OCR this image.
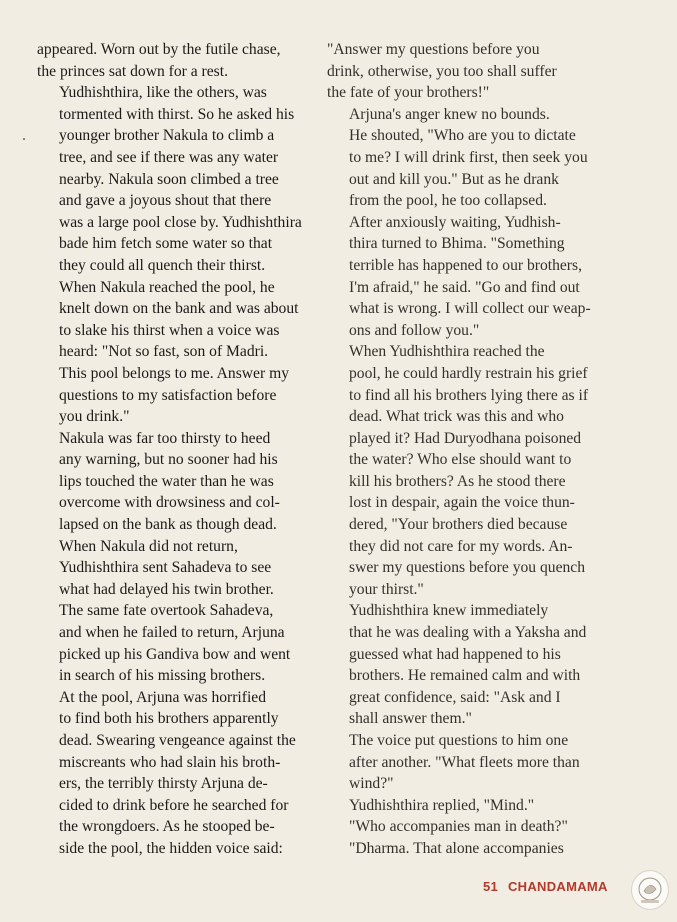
appeared. Worn out by the futile chase,
the princes sat down for a rest.

Yudhishthira, like the others, was
tormented with thirst. So he asked his
younger brother Nakula to climb a
tree, and see if there was any water
nearby. Nakula soon climbed a tree
and gave a joyous shout that there
was a large pool close by. Yudhishthira
bade him fetch some water so that
they could all quench their thirst.

When Nakula reached the pool, he
knelt down on the bank and was about
to slake his thirst when a voice was
heard: "Not so fast, son of Madri.
This pool belongs to me. Answer my
questions to my satisfaction before
you drink."

Nakula was far too thirsty to heed
any warning, but no sooner had his
lips touched the water than he was
overcome with drowsiness and col-
lapsed on the bank as though dead.

When Nakula did not return,
Yudhishthira sent Sahadeva to see
what had delayed his twin brother.
The same fate overtook Sahadeva,
and when he failed to return, Arjuna
picked up his Gandiva bow and went
in search of his missing brothers.

At the pool, Arjuna was horrified
to find both his brothers apparently
dead. Swearing vengeance against the
miscreants who had slain his broth-
ers, the terribly thirsty Arjuna de-
cided to drink before he searched for
the wrongdoers. As he stooped be-
side the pool, the hidden voice said:

"Answer my questions before you
drink, otherwise, you too shall suffer
the fate of your brothers!"

Arjuna's anger knew no bounds.
He shouted, "Who are you to dictate
to me? I will drink first, then seek you
out and kill you." But as he drank
from the pool, he too collapsed.

After anxiously waiting, Yudhish-
thira turned to Bhima. "Something
terrible has happened to our brothers,
I'm afraid," he said. "Go and find out
what is wrong. I will collect our weap-
ons and follow you."

When Yudhishthira reached the
pool, he could hardly restrain his grief
to find all his brothers lying there as if
dead. What trick was this and who
played it? Had Duryodhana poisoned
the water? Who else should want to
kill his brothers? As he stood there
lost in despair, again the voice thun-
dered, "Your brothers died because
they did not care for my words. An-
swer my questions before you quench
your thirst."

Yudhishthira knew immediately
that he was dealing with a Yaksha and
guessed what had happened to his
brothers. He remained calm and with
great confidence, said: "Ask and I
shall answer them."

The voice put questions to him one
after another. "What fleets more than
wind?"

Yudhishthira replied, "Mind."

"Who accompanies man in death?"

"Dharma. That alone accompanies

.
51 CHANDAMAMA
